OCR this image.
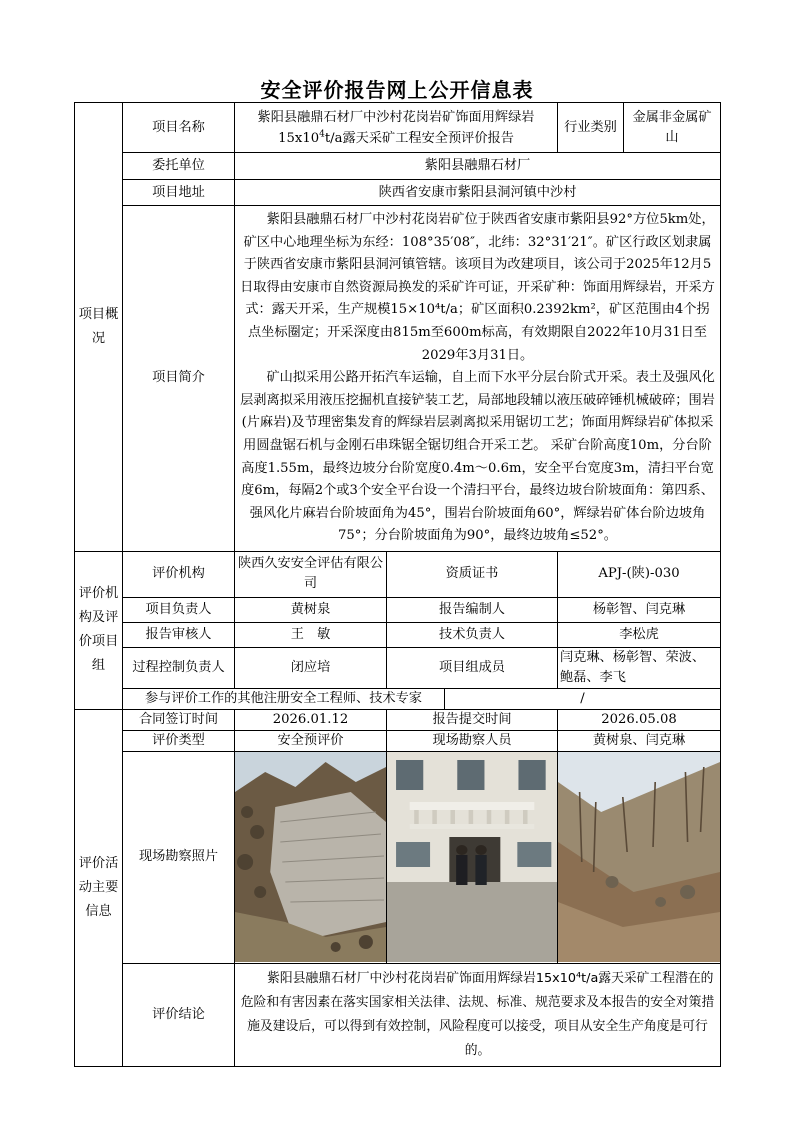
安全评价报告网上公开信息表
项目概况	项目名称	紫阳县融鼎石材厂中沙村花岗岩矿饰面用辉绿岩
$15x10^4t/a$露天采矿工程安全预评价报告			行业类别	金属非金属矿山
	委托单位	紫阳县融鼎石材厂				
	项目地址	陕西省安康市紫阳县洞河镇中沙村				
	项目简介	紫阳县融鼎石材厂中沙村花岗岩矿位于陕西省安康市紫阳县92°方位5km处，矿区中心地理坐标为东经：108°35′08″，北纬：32°31′21″。矿区行政区划隶属于陕西省安康市紫阳县洞河镇管辖。该项目为改建项目，该公司于2025年12月5日取得由安康市自然资源局换发的采矿许可证，开采矿种：饰面用辉绿岩，开采方式：露天开采，生产规模15×10⁴t/a；矿区面积0.2392km²，矿区范围由4个拐点坐标圈定；开采深度由815m至600m标高，有效期限自2022年10月31日至2029年3月31日。

矿山拟采用公路开拓汽车运输，自上而下水平分层台阶式开采。表土及强风化层剥离拟采用液压挖掘机直接铲装工艺，局部地段辅以液压破碎锤机械破碎；围岩(片麻岩)及节理密集发育的辉绿岩层剥离拟采用锯切工艺；饰面用辉绿岩矿体拟采用圆盘锯石机与金刚石串珠锯全锯切组合开采工艺。 采矿台阶高度10m，分台阶高度1.55m，最终边坡分台阶宽度0.4m～0.6m，安全平台宽度3m，清扫平台宽度6m，每隔2个或3个安全平台设一个清扫平台，最终边坡台阶坡面角：第四系、强风化片麻岩台阶坡面角为45°，围岩台阶坡面角60°，辉绿岩矿体台阶边坡角75°；分台阶坡面角为90°，最终边坡角≤52°。				

评价机构及评价项目组	评价机构	陕西久安安全评估有限公司	资质证书		APJ-(陕)-030	
	项目负责人	黄树泉	报告编制人		杨彰智、闫克琳	
	报告审核人	王　敏	技术负责人		李松虎	
	过程控制负责人	闭应培	项目组成员		闫克琳、杨彰智、荣波、鲍磊、李飞	
	参与评价工作的其他注册安全工程师、技术专家			/		
评价活动主要信息	合同签订时间	2026.01.12	报告提交时间		2026.05.08	
	评价类型	安全预评价	现场勘察人员		黄树泉、闫克琳	
	现场勘察照片	

	评价结论	紫阳县融鼎石材厂中沙村花岗岩矿饰面用辉绿岩15x10⁴t/a露天采矿工程潜在的危险和有害因素在落实国家相关法律、法规、标准、规范要求及本报告的安全对策措施及建设后，可以得到有效控制，风险程度可以接受，项目从安全生产角度是可行的。				
